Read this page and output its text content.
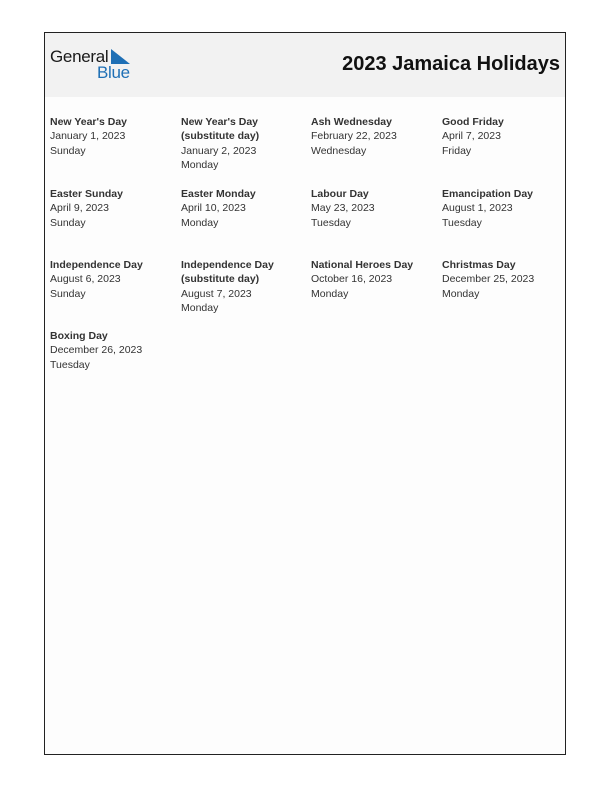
General
Blue	2023 Jamaica Holidays
New Year's Day
January 1, 2023
Sunday
New Year's Day (substitute day)
January 2, 2023
Monday
Ash Wednesday
February 22, 2023
Wednesday
Good Friday
April 7, 2023
Friday
Easter Sunday
April 9, 2023
Sunday
Easter Monday
April 10, 2023
Monday
Labour Day
May 23, 2023
Tuesday
Emancipation Day
August 1, 2023
Tuesday
Independence Day
August 6, 2023
Sunday
Independence Day (substitute day)
August 7, 2023
Monday
National Heroes Day
October 16, 2023
Monday
Christmas Day
December 25, 2023
Monday
Boxing Day
December 26, 2023
Tuesday
